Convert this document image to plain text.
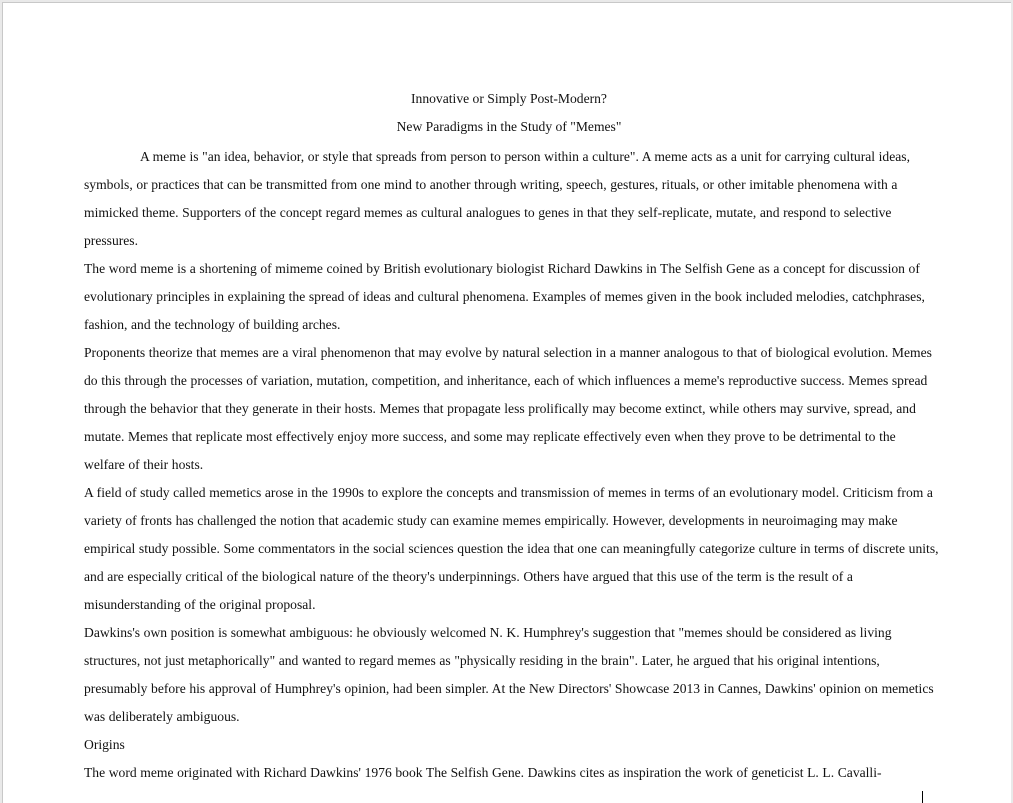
Innovative or Simply Post-Modern?

New Paradigms in the Study of "Memes"

A meme is "an idea, behavior, or style that spreads from person to person within a culture". A meme acts as a unit for carrying cultural ideas, symbols, or practices that can be transmitted from one mind to another through writing, speech, gestures, rituals, or other imitable phenomena with a mimicked theme. Supporters of the concept regard memes as cultural analogues to genes in that they self-replicate, mutate, and respond to selective pressures.

The word meme is a shortening of mimeme coined by British evolutionary biologist Richard Dawkins in The Selfish Gene as a concept for discussion of evolutionary principles in explaining the spread of ideas and cultural phenomena. Examples of memes given in the book included melodies, catchphrases, fashion, and the technology of building arches.

Proponents theorize that memes are a viral phenomenon that may evolve by natural selection in a manner analogous to that of biological evolution. Memes do this through the processes of variation, mutation, competition, and inheritance, each of which influences a meme's reproductive success. Memes spread through the behavior that they generate in their hosts. Memes that propagate less prolifically may become extinct, while others may survive, spread, and mutate. Memes that replicate most effectively enjoy more success, and some may replicate effectively even when they prove to be detrimental to the welfare of their hosts.

A field of study called memetics arose in the 1990s to explore the concepts and transmission of memes in terms of an evolutionary model. Criticism from a variety of fronts has challenged the notion that academic study can examine memes empirically. However, developments in neuroimaging may make empirical study possible. Some commentators in the social sciences question the idea that one can meaningfully categorize culture in terms of discrete units, and are especially critical of the biological nature of the theory's underpinnings. Others have argued that this use of the term is the result of a misunderstanding of the original proposal.

Dawkins's own position is somewhat ambiguous: he obviously welcomed N. K. Humphrey's suggestion that "memes should be considered as living structures, not just metaphorically" and wanted to regard memes as "physically residing in the brain". Later, he argued that his original intentions, presumably before his approval of Humphrey's opinion, had been simpler. At the New Directors' Showcase 2013 in Cannes, Dawkins' opinion on memetics was deliberately ambiguous.

Origins

The word meme originated with Richard Dawkins' 1976 book The Selfish Gene. Dawkins cites as inspiration the work of geneticist L. L. Cavalli-
